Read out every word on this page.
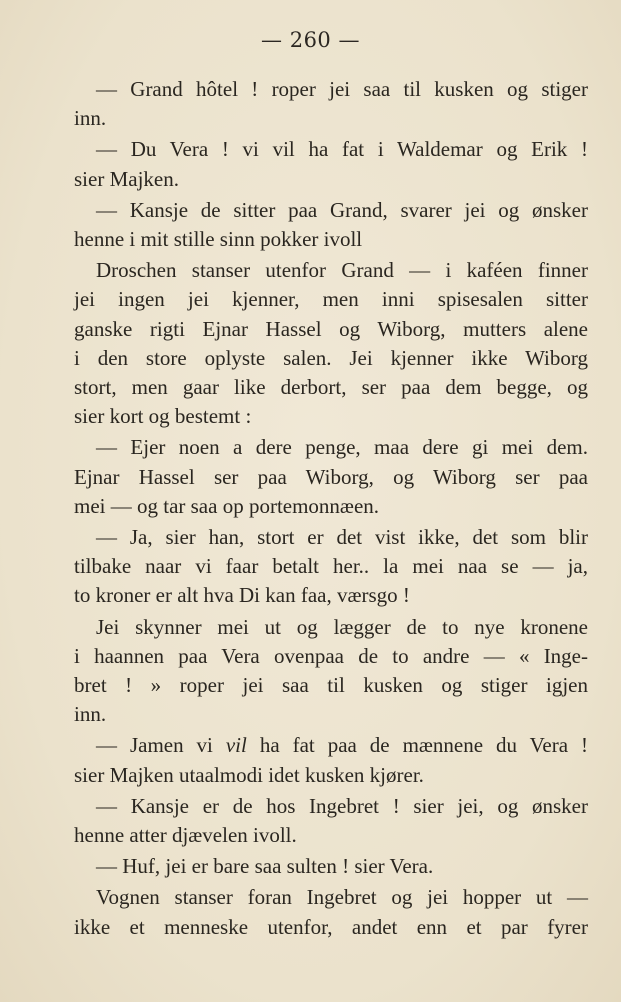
— 260 —

— Grand hôtel ! roper jei saa til kusken og stiger
inn.

— Du Vera ! vi vil ha fat i Waldemar og Erik !
sier Majken.

— Kansje de sitter paa Grand, svarer jei og ønsker
henne i mit stille sinn pokker ivoll

Droschen stanser utenfor Grand — i kaféen finner
jei ingen jei kjenner, men inni spisesalen sitter
ganske rigti Ejnar Hassel og Wiborg, mutters alene
i den store oplyste salen. Jei kjenner ikke Wiborg
stort, men gaar like derbort, ser paa dem begge, og
sier kort og bestemt :

— Ejer noen a dere penge, maa dere gi mei dem.
Ejnar Hassel ser paa Wiborg, og Wiborg ser paa
mei — og tar saa op portemonnæen.

— Ja, sier han, stort er det vist ikke, det som blir
tilbake naar vi faar betalt her.. la mei naa se — ja,
to kroner er alt hva Di kan faa, værsgo !

Jei skynner mei ut og lægger de to nye kronene
i haannen paa Vera ovenpaa de to andre — « Inge-
bret ! » roper jei saa til kusken og stiger igjen
inn.

— Jamen vi vil ha fat paa de mænnene du Vera !
sier Majken utaalmodi idet kusken kjører.

— Kansje er de hos Ingebret ! sier jei, og ønsker
henne atter djævelen ivoll.

— Huf, jei er bare saa sulten ! sier Vera.

Vognen stanser foran Ingebret og jei hopper ut —
ikke et menneske utenfor, andet enn et par fyrer
